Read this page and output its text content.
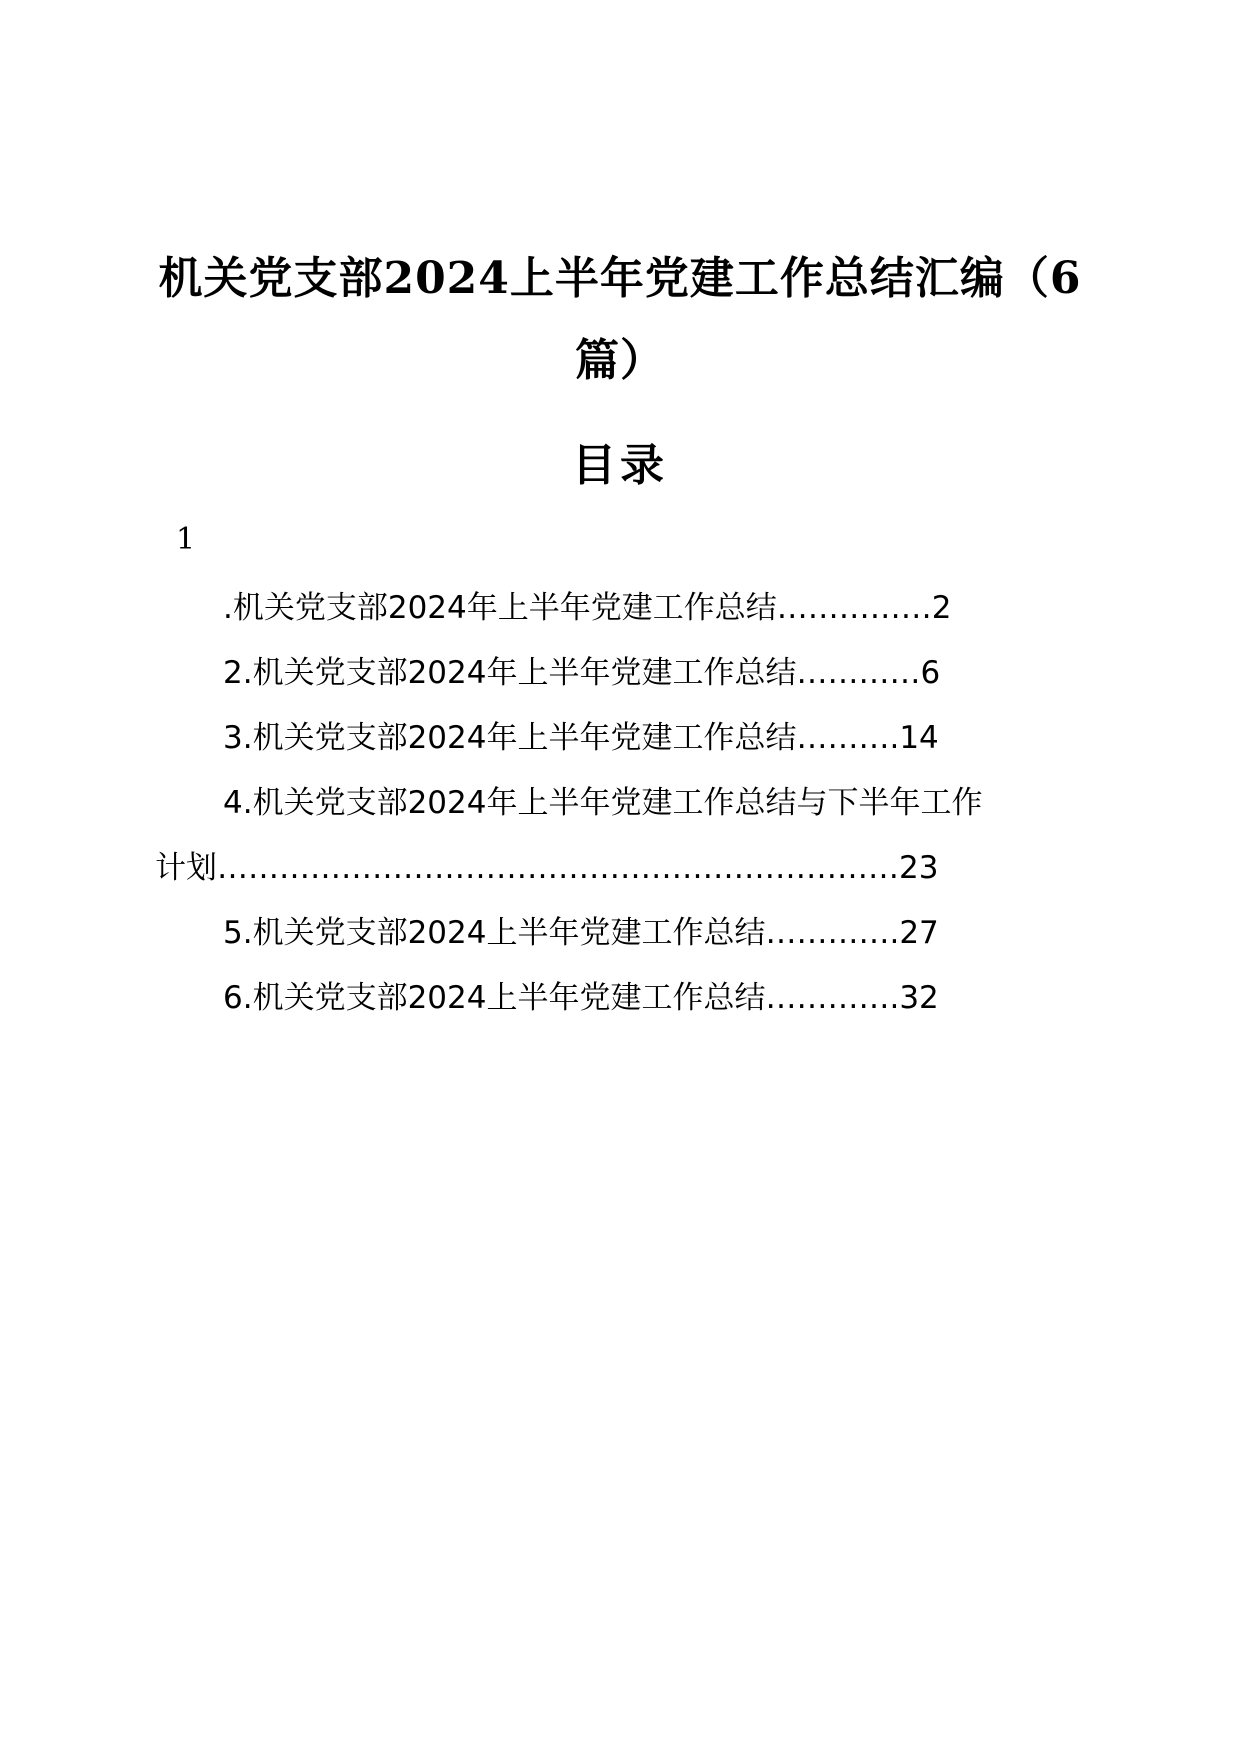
机关党支部2024上半年党建工作总结汇编（6
篇）
目录
1
.机关党支部2024年上半年党建工作总结……………2
2.机关党支部2024年上半年党建工作总结…………6
3.机关党支部2024年上半年党建工作总结……….14
4.机关党支部2024年上半年党建工作总结与下半年工作
计划…………………………………………………………23
5.机关党支部2024上半年党建工作总结………….27
6.机关党支部2024上半年党建工作总结………….32
